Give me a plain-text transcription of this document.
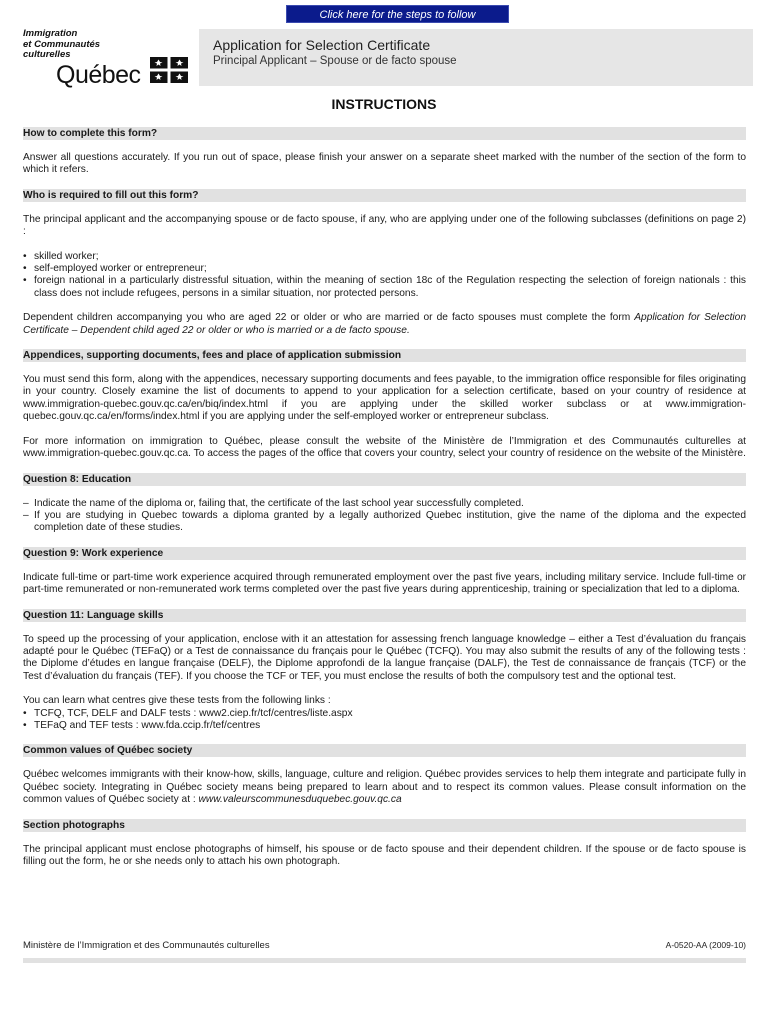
Click here for the steps to follow
Immigration
et Communautés
culturelles
Québec
Application for Selection Certificate
Principal Applicant – Spouse or de facto spouse
INSTRUCTIONS
How to complete this form?
Answer all questions accurately. If you run out of space, please finish your answer on a separate sheet marked with the number of the section of the form to which it refers.
Who is required to fill out this form?
The principal applicant and the accompanying spouse or de facto spouse, if any, who are applying under one of the following subclasses (definitions on page 2) :
• skilled worker;
• self-employed worker or entrepreneur;
• foreign national in a particularly distressful situation, within the meaning of section 18c of the Regulation respecting the selection of foreign nationals : this class does not include refugees, persons in a similar situation, nor protected persons.
Dependent children accompanying you who are aged 22 or older or who are married or de facto spouses must complete the form Application for Selection Certificate – Dependent child aged 22 or older or who is married or a de facto spouse.
Appendices, supporting documents, fees and place of application submission
You must send this form, along with the appendices, necessary supporting documents and fees payable, to the immigration office responsible for files originating in your country. Closely examine the list of documents to append to your application for a selection certificate, based on your country of residence at www.immigration-quebec.gouv.qc.ca/en/biq/index.html if you are applying under the skilled worker subclass or at www.immigration-quebec.gouv.qc.ca/en/forms/index.html if you are applying under the self-employed worker or entrepreneur subclass.
For more information on immigration to Québec, please consult the website of the Ministère de l’Immigration et des Communautés culturelles at www.immigration-quebec.gouv.qc.ca. To access the pages of the office that covers your country, select your country of residence on the website of the Ministère.
Question 8: Education
– Indicate the name of the diploma or, failing that, the certificate of the last school year successfully completed.
– If you are studying in Quebec towards a diploma granted by a legally authorized Quebec institution, give the name of the diploma and the expected completion date of these studies.
Question 9: Work experience
Indicate full-time or part-time work experience acquired through remunerated employment over the past five years, including military service. Include full-time or part-time remunerated or non-remunerated work terms completed over the past five years during apprenticeship, training or specialization that led to a diploma.
Question 11: Language skills
To speed up the processing of your application, enclose with it an attestation for assessing french language knowledge – either a Test d’évaluation du français adapté pour le Québec (TEFaQ) or a Test de connaissance du français pour le Québec (TCFQ). You may also submit the results of any of the following tests : the Diplome d’études en langue française (DELF), the Diplome approfondi de la langue française (DALF), the Test de connaissance de français (TCF) or the Test d’évaluation du français (TEF). If you choose the TCF or TEF, you must enclose the results of both the compulsory test and the optional test.
You can learn what centres give these tests from the following links :
• TCFQ, TCF, DELF and DALF tests : www2.ciep.fr/tcf/centres/liste.aspx
• TEFaQ and TEF tests : www.fda.ccip.fr/tef/centres
Common values of Québec society
Québec welcomes immigrants with their know-how, skills, language, culture and religion. Québec provides services to help them integrate and participate fully in Québec society. Integrating in Québec society means being prepared to learn about and to respect its common values. Please consult information on the common values of Québec society at : www.valeurscommunesduquebec.gouv.qc.ca
Section photographs
The principal applicant must enclose photographs of himself, his spouse or de facto spouse and their dependent children. If the spouse or de facto spouse is filling out the form, he or she needs only to attach his own photograph.
Ministère de l’Immigration et des Communautés culturelles	A-0520-AA (2009-10)
